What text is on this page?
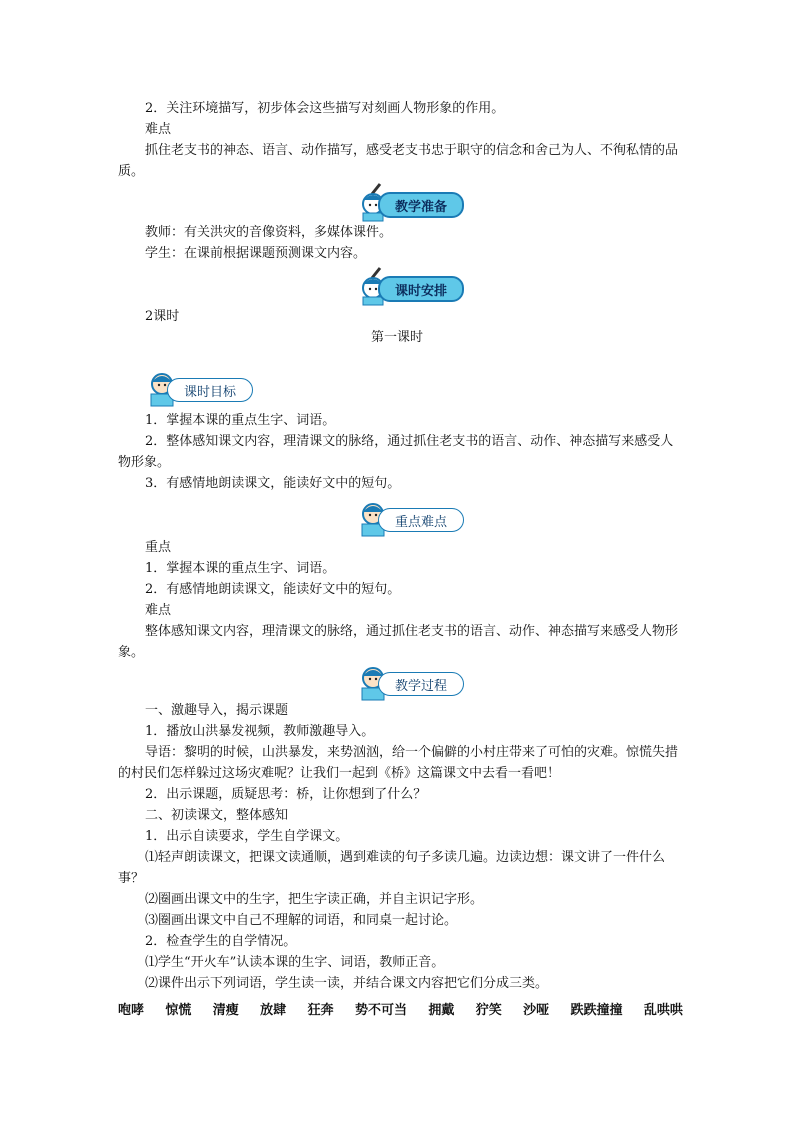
2．关注环境描写，初步体会这些描写对刻画人物形象的作用。
难点
抓住老支书的神态、语言、动作描写，感受老支书忠于职守的信念和舍己为人、不徇私情的品质。
教学准备
教师：有关洪灾的音像资料，多媒体课件。
学生：在课前根据课题预测课文内容。
课时安排
2课时
第一课时
课时目标
1．掌握本课的重点生字、词语。
2．整体感知课文内容，理清课文的脉络，通过抓住老支书的语言、动作、神态描写来感受人物形象。
3．有感情地朗读课文，能读好文中的短句。
重点难点
重点
1．掌握本课的重点生字、词语。
2．有感情地朗读课文，能读好文中的短句。
难点
整体感知课文内容，理清课文的脉络，通过抓住老支书的语言、动作、神态描写来感受人物形象。
教学过程
一、激趣导入，揭示课题
1．播放山洪暴发视频，教师激趣导入。
导语：黎明的时候，山洪暴发，来势汹汹，给一个偏僻的小村庄带来了可怕的灾难。惊慌失措的村民们怎样躲过这场灾难呢？让我们一起到《桥》这篇课文中去看一看吧！
2．出示课题，质疑思考：桥，让你想到了什么？
二、初读课文，整体感知
1．出示自读要求，学生自学课文。
⑴轻声朗读课文，把课文读通顺，遇到难读的句子多读几遍。边读边想：课文讲了一件什么事？
⑵圈画出课文中的生字，把生字读正确，并自主识记字形。
⑶圈画出课文中自己不理解的词语，和同桌一起讨论。
2．检查学生的自学情况。
⑴学生“开火车”认读本课的生字、词语，教师正音。
⑵课件出示下列词语，学生读一读，并结合课文内容把它们分成三类。
咆哮 惊慌 清瘦 放肆 狂奔 势不可当 拥戴 狞笑 沙哑 跌跌撞撞 乱哄哄
